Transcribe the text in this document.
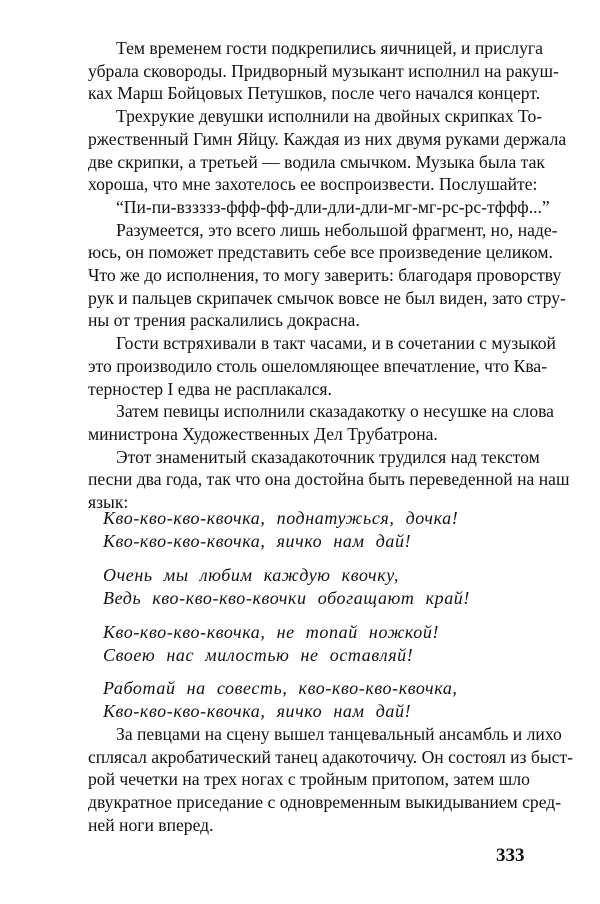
Тем временем гости подкрепились яичницей, и прислуга
убрала сковороды. Придворный музыкант исполнил на ракуш-
ках Марш Бойцовых Петушков, после чего начался концерт.
Трехрукие девушки исполнили на двойных скрипках То-
ржественный Гимн Яйцу. Каждая из них двумя руками держала
две скрипки, а третьей — водила смычком. Музыка была так
хороша, что мне захотелось ее воспроизвести. Послушайте:
“Пи-пи-вззззз-ффф-фф-дли-дли-дли-мг-мг-рс-рс-тффф...”
Разумеется, это всего лишь небольшой фрагмент, но, наде-
юсь, он поможет представить себе все произведение целиком.
Что же до исполнения, то могу заверить: благодаря проворству
рук и пальцев скрипачек смычок вовсе не был виден, зато стру-
ны от трения раскалились докрасна.
Гости встряхивали в такт часами, и в сочетании с музыкой
это производило столь ошеломляющее впечатление, что Ква-
терностер I едва не расплакался.
Затем певицы исполнили сказадакотку о несушке на слова
министрона Художественных Дел Трубатрона.
Этот знаменитый сказадакоточник трудился над текстом
песни два года, так что она достойна быть переведенной на наш
язык:
Кво-кво-кво-квочка, поднатужься, дочка!
Кво-кво-кво-квочка, яичко нам дай!
Очень мы любим каждую квочку,
Ведь кво-кво-кво-квочки обогащают край!
Кво-кво-кво-квочка, не топай ножкой!
Своею нас милостью не оставляй!
Работай на совесть, кво-кво-кво-квочка,
Кво-кво-кво-квочка, яичко нам дай!
За певцами на сцену вышел танцевальный ансамбль и лихо
сплясал акробатический танец адакоточичу. Он состоял из быст-
рой чечетки на трех ногах с тройным притопом, затем шло
двукратное приседание с одновременным выкидыванием сред-
ней ноги вперед.
333
